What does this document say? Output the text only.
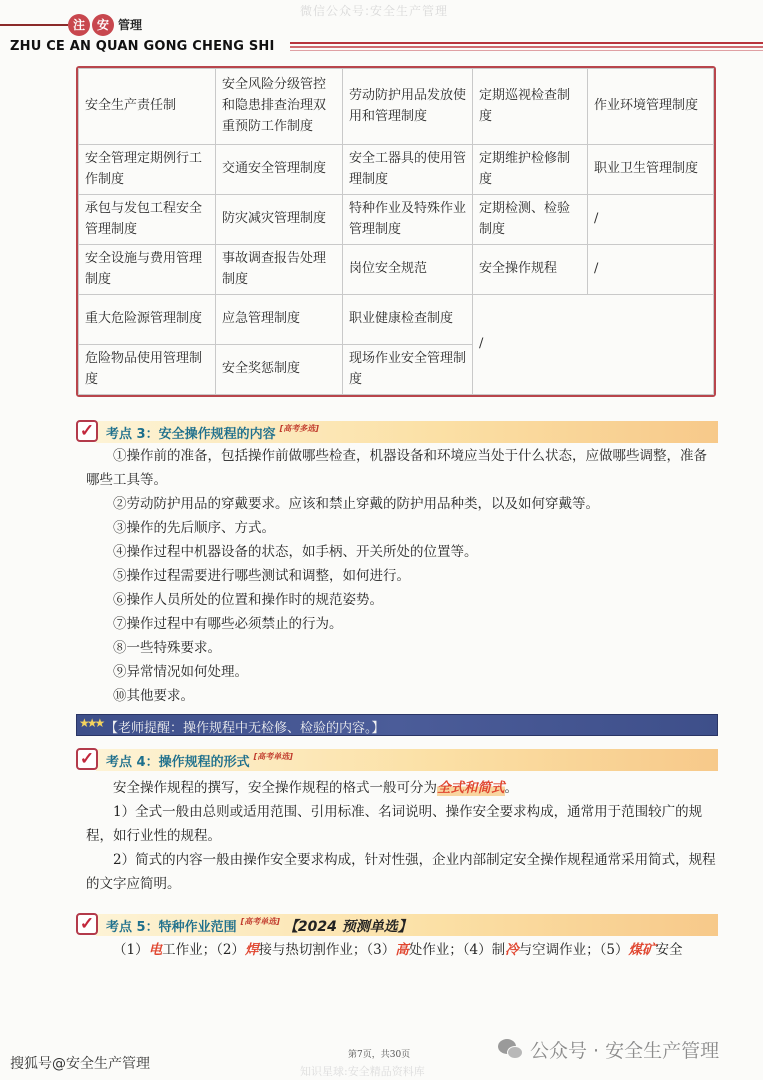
微信公众号:安全生产管理
注 安 管理
ZHU CE AN QUAN GONG CHENG SHI
安全生产责任制	安全风险分级管控和隐患排查治理双重预防工作制度	劳动防护用品发放使用和管理制度	定期巡视检查制度	作业环境管理制度
安全管理定期例行工作制度	交通安全管理制度	安全工器具的使用管理制度	定期维护检修制度	职业卫生管理制度
承包与发包工程安全管理制度	防灾减灾管理制度	特种作业及特殊作业管理制度	定期检测、检验制度	/
安全设施与费用管理制度	事故调查报告处理制度	岗位安全规范	安全操作规程	/
重大危险源管理制度	应急管理制度	职业健康检查制度	/	
危险物品使用管理制度	安全奖惩制度	现场作业安全管理制度		
✓ 考点 3：安全操作规程的内容 [高考多选]

①操作前的准备，包括操作前做哪些检查，机器设备和环境应当处于什么状态，应做哪些调整，准备哪些工具等。

②劳动防护用品的穿戴要求。应该和禁止穿戴的防护用品种类，以及如何穿戴等。

③操作的先后顺序、方式。

④操作过程中机器设备的状态，如手柄、开关所处的位置等。

⑤操作过程需要进行哪些测试和调整，如何进行。

⑥操作人员所处的位置和操作时的规范姿势。

⑦操作过程中有哪些必须禁止的行为。

⑧一些特殊要求。

⑨异常情况如何处理。

⑩其他要求。

★★★ 【老师提醒：操作规程中无检修、检验的内容。】
✓ 考点 4：操作规程的形式 [高考单选]

安全操作规程的撰写，安全操作规程的格式一般可分为全式和简式。

1）全式一般由总则或适用范围、引用标准、名词说明、操作安全要求构成，通常用于范围较广的规程，如行业性的规程。

2）简式的内容一般由操作安全要求构成，针对性强，企业内部制定安全操作规程通常采用简式，规程的文字应简明。

✓ 考点 5：特种作业范围 [高考单选] 【2024 预测单选】

（1）电工作业；（2）焊接与热切割作业；（3）高处作业；（4）制冷与空调作业；（5）煤矿安全

搜狐号@安全生产管理
第7页，共30页
知识星球:安全精品资料库
公众号 · 安全生产管理
